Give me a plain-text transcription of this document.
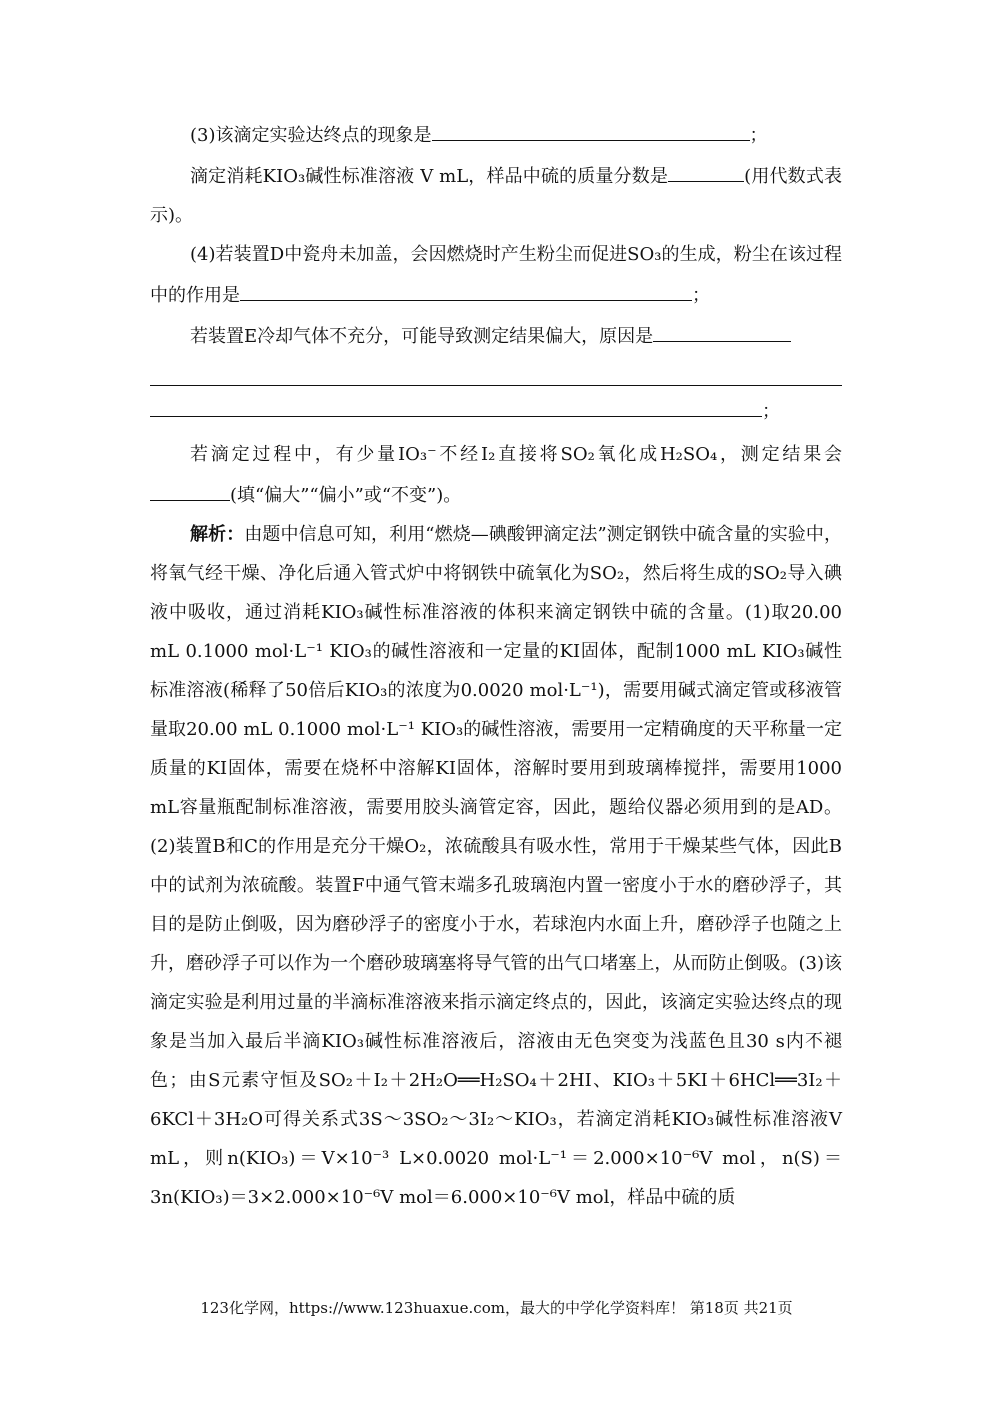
(3)该滴定实验达终点的现象是	；

滴定消耗KIO₃碱性标准溶液 V mL，样品中硫的质量分数是	(用代数式表示)。

(4)若装置D中瓷舟未加盖，会因燃烧时产生粉尘而促进SO₃的生成，粉尘在该过程中的作用是	；

若装置E冷却气体不充分，可能导致测定结果偏大，原因是

；

若滴定过程中，有少量IO₃⁻不经I₂直接将SO₂氧化成H₂SO₄，测定结果会(填“偏大”“偏小”或“不变”)。

解析：由题中信息可知，利用“燃烧—碘酸钾滴定法”测定钢铁中硫含量的实验中，将氧气经干燥、净化后通入管式炉中将钢铁中硫氧化为SO₂，然后将生成的SO₂导入碘液中吸收，通过消耗KIO₃碱性标准溶液的体积来滴定钢铁中硫的含量。(1)取20.00 mL 0.1000 mol·L⁻¹ KIO₃的碱性溶液和一定量的KI固体，配制1000 mL KIO₃碱性标准溶液(稀释了50倍后KIO₃的浓度为0.0020 mol·L⁻¹)，需要用碱式滴定管或移液管量取20.00 mL 0.1000 mol·L⁻¹ KIO₃的碱性溶液，需要用一定精确度的天平称量一定质量的KI固体，需要在烧杯中溶解KI固体，溶解时要用到玻璃棒搅拌，需要用1000 mL容量瓶配制标准溶液，需要用胶头滴管定容，因此，题给仪器必须用到的是AD。(2)装置B和C的作用是充分干燥O₂，浓硫酸具有吸水性，常用于干燥某些气体，因此B中的试剂为浓硫酸。装置F中通气管末端多孔玻璃泡内置一密度小于水的磨砂浮子，其目的是防止倒吸，因为磨砂浮子的密度小于水，若球泡内水面上升，磨砂浮子也随之上升，磨砂浮子可以作为一个磨砂玻璃塞将导气管的出气口堵塞上，从而防止倒吸。(3)该滴定实验是利用过量的半滴标准溶液来指示滴定终点的，因此，该滴定实验达终点的现象是当加入最后半滴KIO₃碱性标准溶液后，溶液由无色突变为浅蓝色且30 s内不褪色；由S元素守恒及SO₂＋I₂＋2H₂O══H₂SO₄＋2HI、KIO₃＋5KI＋6HCl══3I₂＋6KCl＋3H₂O可得关系式3S～3SO₂～3I₂～KIO₃，若滴定消耗KIO₃碱性标准溶液V mL，则n(KIO₃)＝V×10⁻³ L×0.0020 mol·L⁻¹＝2.000×10⁻⁶V mol，n(S)＝3n(KIO₃)＝3×2.000×10⁻⁶V mol＝6.000×10⁻⁶V mol，样品中硫的质

123化学网，https://www.123huaxue.com，最大的中学化学资料库！ 第18页 共21页
